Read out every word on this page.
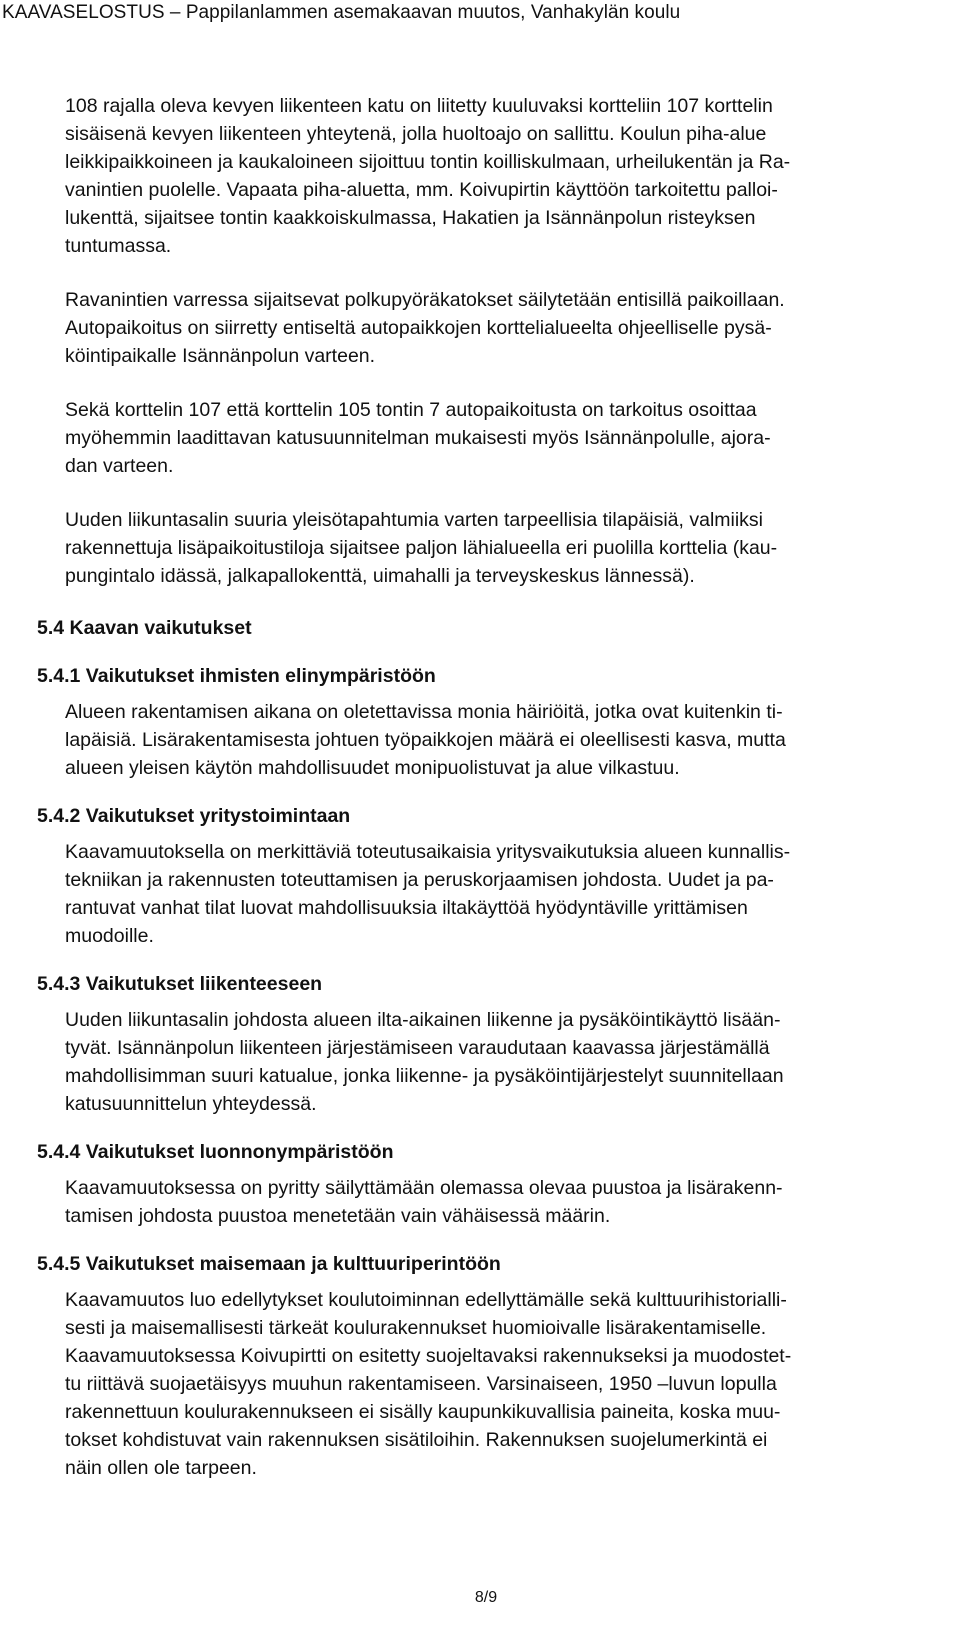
KAAVASELOSTUS – Pappilanlammen asemakaavan muutos, Vanhakylän koulu
108 rajalla oleva kevyen liikenteen katu on liitetty kuuluvaksi kortteliin 107 korttelin
sisäisenä kevyen liikenteen yhteytenä, jolla huoltoajo on sallittu. Koulun piha-alue
leikkipaikkoineen ja kaukaloineen sijoittuu tontin koilliskulmaan, urheilukentän ja Ra-
vanintien puolelle. Vapaata piha-aluetta, mm. Koivupirtin käyttöön tarkoitettu palloi-
lukenttä, sijaitsee tontin kaakkoiskulmassa, Hakatien ja Isännänpolun risteyksen
tuntumassa.
Ravanintien varressa sijaitsevat polkupyöräkatokset säilytetään entisillä paikoillaan.
Autopaikoitus on siirretty entiseltä autopaikkojen korttelialueelta ohjeelliselle pysä-
köintipaikalle Isännänpolun varteen.
Sekä korttelin 107 että korttelin 105 tontin 7 autopaikoitusta on tarkoitus osoittaa
myöhemmin laadittavan katusuunnitelman mukaisesti myös Isännänpolulle, ajora-
dan varteen.
Uuden liikuntasalin suuria yleisötapahtumia varten tarpeellisia tilapäisiä, valmiiksi
rakennettuja lisäpaikoitustiloja sijaitsee paljon lähialueella eri puolilla korttelia (kau-
pungintalo idässä, jalkapallokenttä, uimahalli ja terveyskeskus lännessä).
5.4 Kaavan vaikutukset
5.4.1 Vaikutukset ihmisten elinympäristöön
Alueen rakentamisen aikana on oletettavissa monia häiriöitä, jotka ovat kuitenkin ti-
lapäisiä. Lisärakentamisesta johtuen työpaikkojen määrä ei oleellisesti kasva, mutta
alueen yleisen käytön mahdollisuudet monipuolistuvat ja alue vilkastuu.
5.4.2 Vaikutukset yritystoimintaan
Kaavamuutoksella on merkittäviä toteutusaikaisia yritysvaikutuksia alueen kunnallis-
tekniikan ja rakennusten toteuttamisen ja peruskorjaamisen johdosta. Uudet ja pa-
rantuvat vanhat tilat luovat mahdollisuuksia iltakäyttöä hyödyntäville yrittämisen
muodoille.
5.4.3 Vaikutukset liikenteeseen
Uuden liikuntasalin johdosta alueen ilta-aikainen liikenne ja pysäköintikäyttö lisään-
tyvät. Isännänpolun liikenteen järjestämiseen varaudutaan kaavassa järjestämällä
mahdollisimman suuri katualue, jonka liikenne- ja pysäköintijärjestelyt suunnitellaan
katusuunnittelun yhteydessä.
5.4.4 Vaikutukset luonnonympäristöön
Kaavamuutoksessa on pyritty säilyttämään olemassa olevaa puustoa ja lisärakenn-
tamisen johdosta puustoa menetetään vain vähäisessä määrin.
5.4.5 Vaikutukset maisemaan ja kulttuuriperintöön
Kaavamuutos luo edellytykset koulutoiminnan edellyttämälle sekä kulttuurihistorialli-
sesti ja maisemallisesti tärkeät koulurakennukset huomioivalle lisärakentamiselle.
Kaavamuutoksessa Koivupirtti on esitetty suojeltavaksi rakennukseksi ja muodostet-
tu riittävä suojaetäisyys muuhun rakentamiseen. Varsinaiseen, 1950 –luvun lopulla
rakennettuun koulurakennukseen ei sisälly kaupunkikuvallisia paineita, koska muu-
tokset kohdistuvat vain rakennuksen sisätiloihin. Rakennuksen suojelumerkintä ei
näin ollen ole tarpeen.
8/9
